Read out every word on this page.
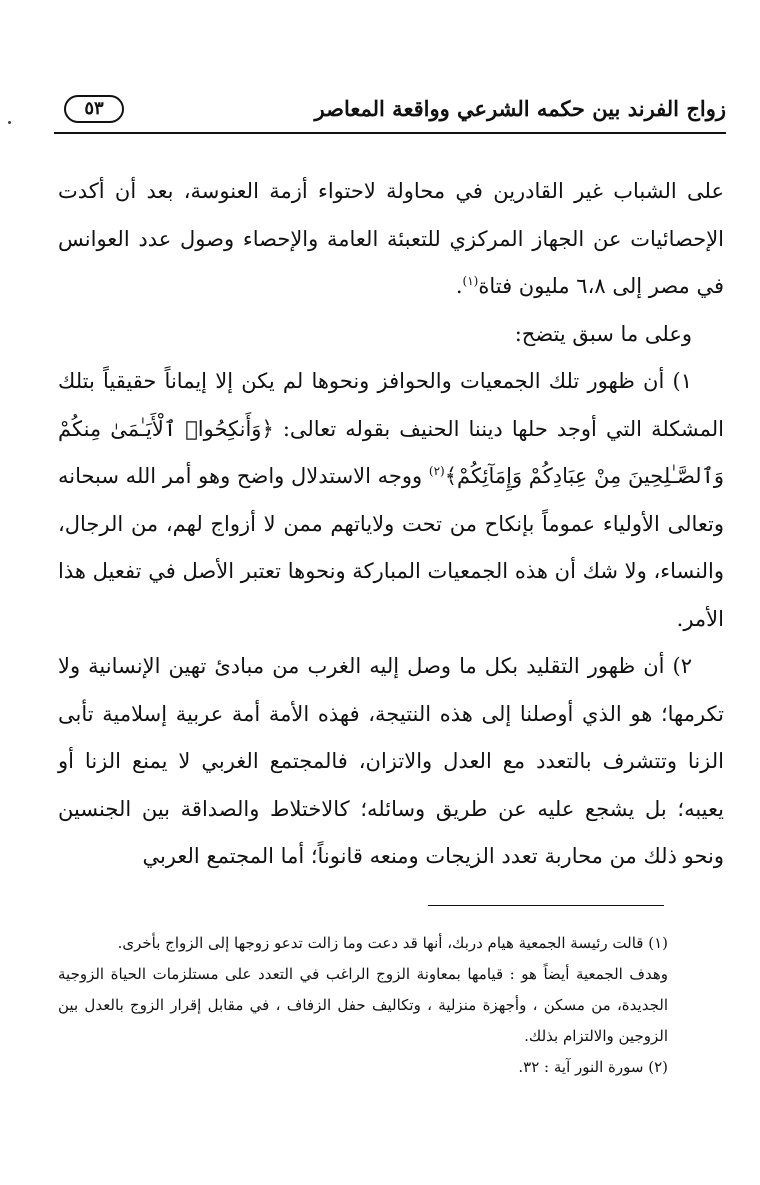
زواج الفرند بين حكمه الشرعي وواقعة المعاصر
٥٣

على الشباب غير القادرين في محاولة لاحتواء أزمة العنوسة، بعد أن أكدت الإحصائيات عن الجهاز المركزي للتعبئة العامة والإحصاء وصول عدد العوانس في مصر إلى ٦،٨ مليون فتاة$^{(١)}$.

وعلى ما سبق يتضح:

١) أن ظهور تلك الجمعيات والحوافز ونحوها لم يكن إلا إيماناً حقيقياً بتلك المشكلة التي أوجد حلها ديننا الحنيف بقوله تعالى: ﴿وَأَنكِحُوا۟ ٱلْأَيَـٰمَىٰ مِنكُمْ وَٱلصَّـٰلِحِينَ مِنْ عِبَادِكُمْ وَإِمَآئِكُمْ﴾$^{(٢)}$ ووجه الاستدلال واضح وهو أمر الله سبحانه وتعالى الأولياء عموماً بإنكاح من تحت ولاياتهم ممن لا أزواج لهم، من الرجال، والنساء، ولا شك أن هذه الجمعيات المباركة ونحوها تعتبر الأصل في تفعيل هذا الأمر.

٢) أن ظهور التقليد بكل ما وصل إليه الغرب من مبادئ تهين الإنسانية ولا تكرمها؛ هو الذي أوصلنا إلى هذه النتيجة، فهذه الأمة أمة عربية إسلامية تأبى الزنا وتتشرف بالتعدد مع العدل والاتزان، فالمجتمع الغربي لا يمنع الزنا أو يعيبه؛ بل يشجع عليه عن طريق وسائله؛ كالاختلاط والصداقة بين الجنسين ونحو ذلك من محاربة تعدد الزيجات ومنعه قانوناً؛ أما المجتمع العربي

(١) قالت رئيسة الجمعية هيام دربك، أنها قد دعت وما زالت تدعو زوجها إلى الزواج بأخرى.

وهدف الجمعية أيضاً هو : قيامها بمعاونة الزوج الراغب في التعدد على مستلزمات الحياة الزوجية الجديدة، من مسكن ، وأجهزة منزلية ، وتكاليف حفل الزفاف ، في مقابل إقرار الزوج بالعدل بين الزوجين والالتزام بذلك.

(٢) سورة النور آية : ٣٢.
